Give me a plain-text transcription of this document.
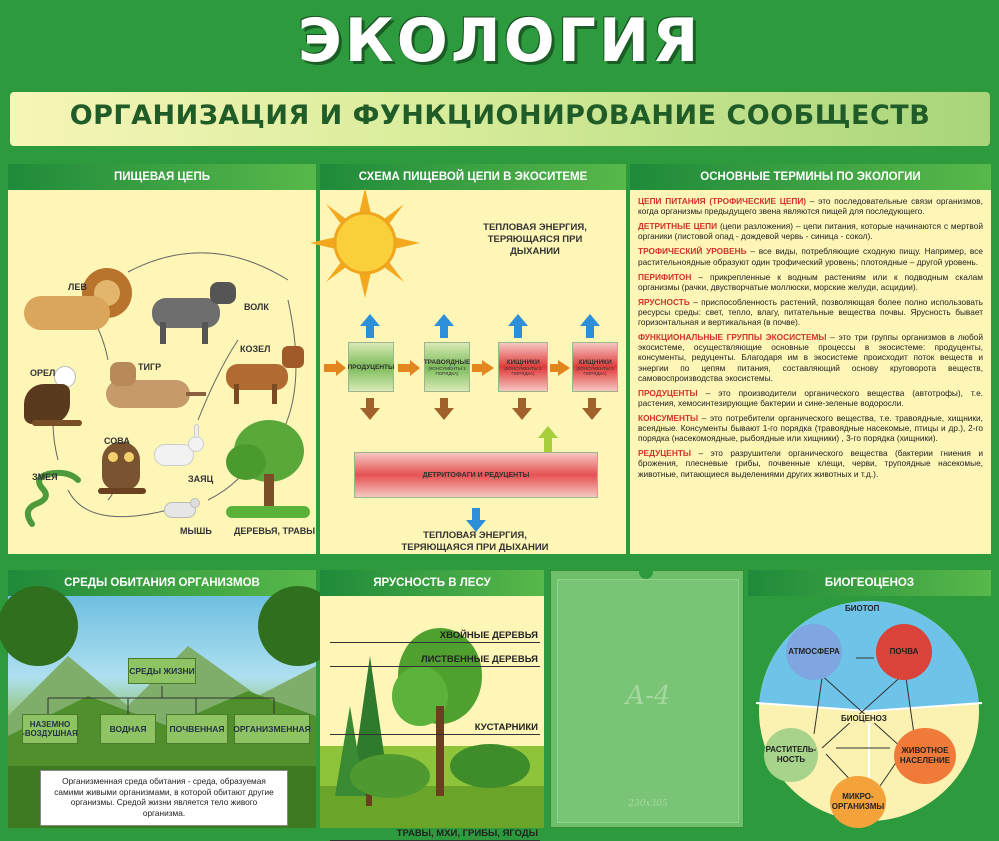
ЭКОЛОГИЯ
ОРГАНИЗАЦИЯ И ФУНКЦИОНИРОВАНИЕ СООБЩЕСТВ
ПИЩЕВАЯ ЦЕПЬ
ЛЕВ
ВОЛК
ОРЕЛ
ТИГР
КОЗЕЛ
СОВА
ЗАЯЦ
ЗМЕЯ
МЫШЬ ДЕРЕВЬЯ, ТРАВЫ
СХЕМА ПИЩЕВОЙ ЦЕПИ В ЭКОСИТЕМЕ
ТЕПЛОВАЯ ЭНЕРГИЯ, ТЕРЯЮЩАЯСЯ ПРИ ДЫХАНИИ
ПРОДУЦЕНТЫ
ТРАВОЯДНЫЕ
(КОНСУМЕНТЫ 1 ПОРЯДКА)
ХИЩНИКИ
(КОНСУМЕНТЫ 2 ПОРЯДКА)
ХИЩНИКИ
(КОНСУМЕНТЫ 3 ПОРЯДКА)
ДЕТРИТОФАГИ И РЕДУЦЕНТЫ
ТЕПЛОВАЯ ЭНЕРГИЯ, ТЕРЯЮЩАЯСЯ ПРИ ДЫХАНИИ
ОСНОВНЫЕ ТЕРМИНЫ ПО ЭКОЛОГИИ

ЦЕПИ ПИТАНИЯ (ТРОФИЧЕСКИЕ ЦЕПИ) – это последовательные связи организмов, когда организмы предыдущего звена являются пищей для последующего.

ДЕТРИТНЫЕ ЦЕПИ (цепи разложения) – цепи питания, которые начинаются с мертвой органики (листовой опад - дождевой червь - синица - сокол).

ТРОФИЧЕСКИЙ УРОВЕНЬ – все виды, потребляющие сходную пищу. Например, все растительноядные образуют один трофический уровень; плотоядные – другой уровень.

ПЕРИФИТОН – прикрепленные к водным растениям или к подводным скалам организмы (рачки, двустворчатые моллюски, морские желуди, асцидии).

ЯРУСНОСТЬ – приспособленность растений, позволяющая более полно использовать ресурсы среды: свет, тепло, влагу, питательные вещества почвы. Ярусность бывает горизонтальная и вертикальная (в почве).

ФУНКЦИОНАЛЬНЫЕ ГРУППЫ ЭКОСИСТЕМЫ – это три группы организмов в любой экосистеме, осуществляющие основные процессы в экосистеме: продуценты, консументы, редуценты. Благодаря им в экосистеме происходит поток веществ и энергии по цепям питания, составляющий основу круговорота веществ, самовоспроизводства экосистемы.

ПРОДУЦЕНТЫ – это производители органического вещества (автотрофы), т.е. растения, хемосинтезирующие бактерии и сине-зеленые водоросли.

КОНСУМЕНТЫ – это потребители органического вещества, т.е. травоядные, хищники, всеядные. Консументы бывают 1-го порядка (травоядные насекомые, птицы и др.), 2-го порядка (насекомоядные, рыбоядные или хищники) , 3-го порядка (хищники).

РЕДУЦЕНТЫ – это разрушители органического вещества (бактерии гниения и брожения, плесневые грибы, почвенные клещи, черви, трупоядные насекомые, животные, питающиеся выделениями других животных и т.д.).

СРЕДЫ ОБИТАНИЯ ОРГАНИЗМОВ
СРЕДЫ ЖИЗНИ
НАЗЕМНО -ВОЗДУШНАЯ	ВОДНАЯ	ПОЧВЕННАЯ	ОРГАНИЗМЕННАЯ
Организменная среда обитания - среда, образуемая самими живыми организмами, в которой обитают другие организмы. Средой жизни является тело живого организма.
ЯРУСНОСТЬ В ЛЕСУ
ХВОЙНЫЕ ДЕРЕВЬЯ
ЛИСТВЕННЫЕ ДЕРЕВЬЯ
КУСТАРНИКИ
ТРАВЫ, МХИ, ГРИБЫ, ЯГОДЫ
А-4
230х305
БИОГЕОЦЕНОЗ
БИОТОП
БИОЦЕНОЗ
АТМОСФЕРА	ПОЧВА
РАСТИТЕЛЬ-НОСТЬ
ЖИВОТНОЕ НАСЕЛЕНИЕ
МИКРО-ОРГАНИЗМЫ
